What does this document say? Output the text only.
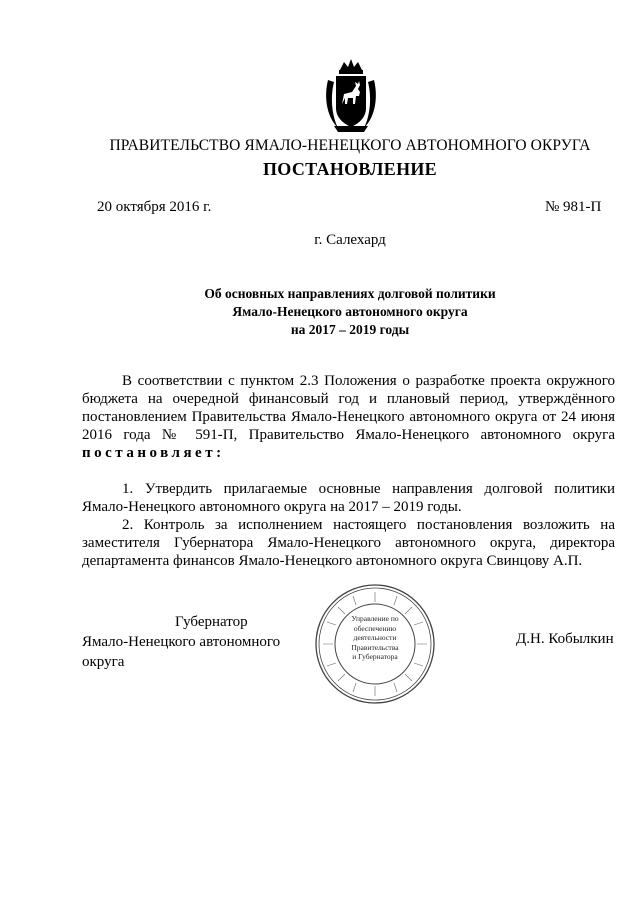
ПРАВИТЕЛЬСТВО ЯМАЛО-НЕНЕЦКОГО АВТОНОМНОГО ОКРУГА
ПОСТАНОВЛЕНИЕ
20 октября 2016 г.	№ 981-П
г. Салехард
Об основных направлениях долговой политики
Ямало-Ненецкого автономного округа
на 2017 – 2019 годы

В соответствии с пунктом 2.3 Положения о разработке проекта окружного бюджета на очередной финансовый год и плановый период, утверждённого постановлением Правительства Ямало-Ненецкого автономного округа от 24 июня 2016 года № 591-П, Правительство Ямало-Ненецкого автономного округа постановляет:

1. Утвердить прилагаемые основные направления долговой политики Ямало-Ненецкого автономного округа на 2017 – 2019 годы.

2. Контроль за исполнением настоящего постановления возложить на заместителя Губернатора Ямало-Ненецкого автономного округа, директора департамента финансов Ямало-Ненецкого автономного округа Свинцову А.П.

Губернатор
Ямало-Ненецкого автономного округа
Управление по
обеспечению
деятельности
Правительства
и Губернатора
Д.Н. Кобылкин
